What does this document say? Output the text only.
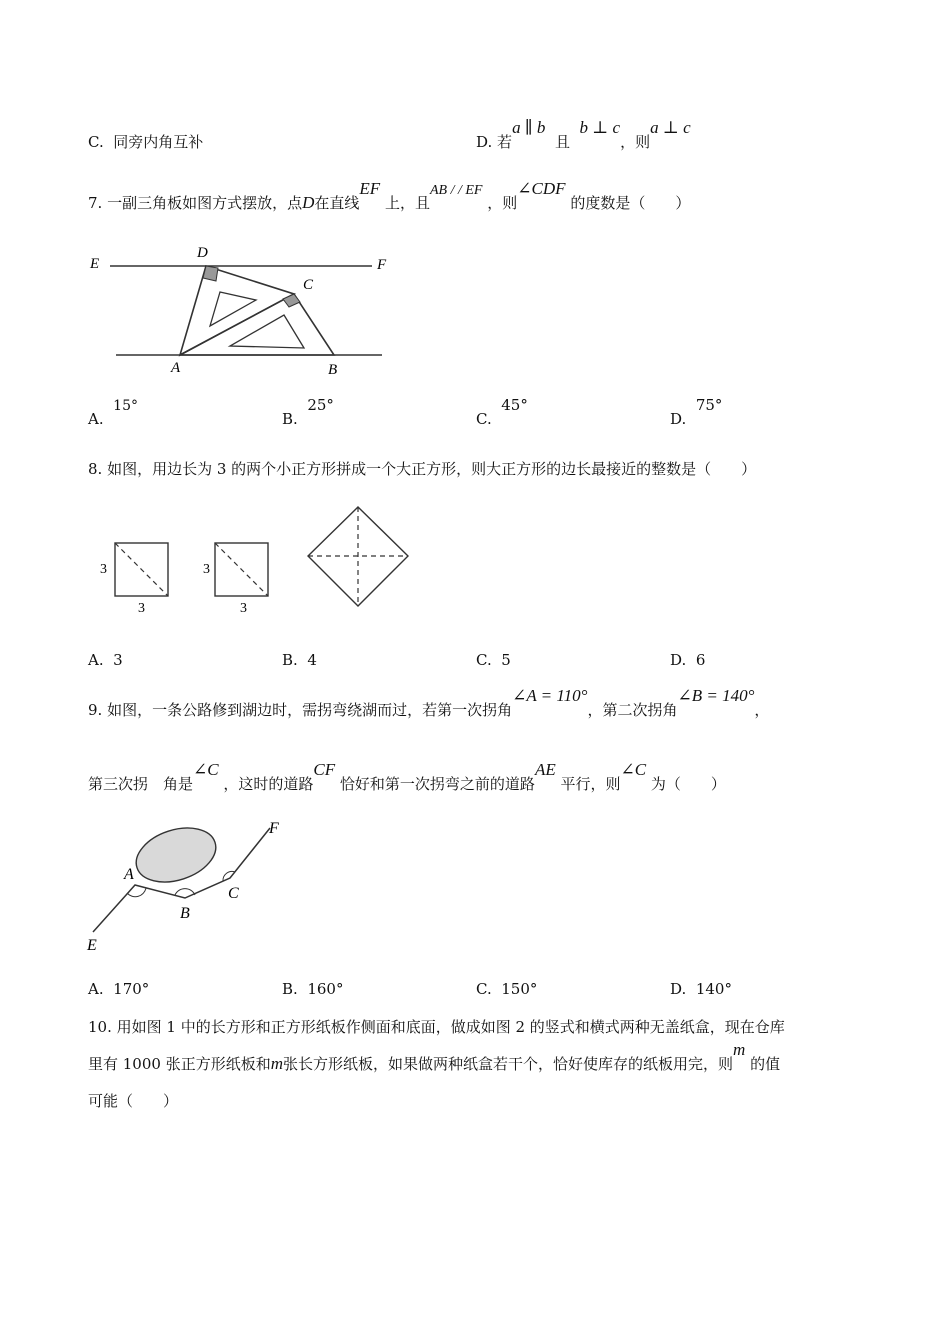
C. 同旁内角互补	D. 若a ∥ b  且  b ⊥ c，则a ⊥ c
7. 一副三角板如图方式摆放，点D在直线EF 上，且AB / / EF ，则∠CDF 的度数是（　　）
E	F
D
C
A	B
A.  15°
B.  25°
C.  45°
D.  75°
8. 如图，用边长为 3 的两个小正方形拼成一个大正方形，则大正方形的边长最接近的整数是（　　）
3
3
3
3
A. 3	B. 4	C. 5	D. 6
9. 如图，一条公路修到湖边时，需拐弯绕湖而过，若第一次拐角∠A = 110°，第二次拐角∠B = 140°，
第三次拐　角是∠C ，这时的道路CF 恰好和第一次拐弯之前的道路AE 平行，则∠C 为（　　）
A
B
C
E
F
A. 170°	B. 160°	C. 150°	D. 140°
10. 用如图 1 中的长方形和正方形纸板作侧面和底面，做成如图 2 的竖式和横式两种无盖纸盒，现在仓库
里有 1000 张正方形纸板和m张长方形纸板，如果做两种纸盒若干个，恰好使库存的纸板用完，则m 的值
可能（　　）
